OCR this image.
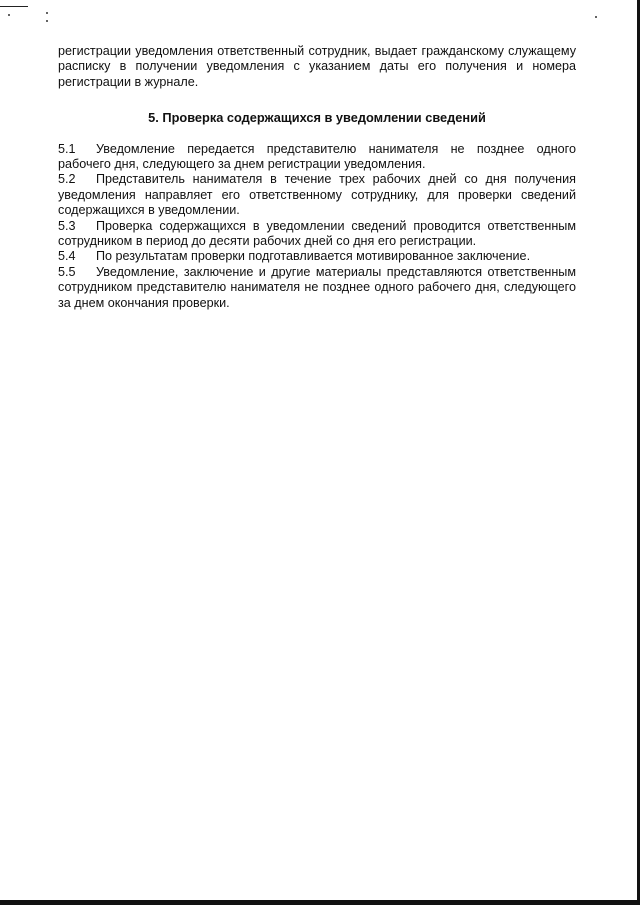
регистрации уведомления ответственный сотрудник, выдает гражданскому служащему расписку в получении уведомления с указанием даты его получения и номера регистрации в журнале.

5. Проверка содержащихся в уведомлении сведений

5.1 Уведомление передается представителю нанимателя не позднее одного рабочего дня, следующего за днем регистрации уведомления.

5.2 Представитель нанимателя в течение трех рабочих дней со дня получения уведомления направляет его ответственному сотруднику, для проверки сведений содержащихся в уведомлении.

5.3 Проверка содержащихся в уведомлении сведений проводится ответственным сотрудником в период до десяти рабочих дней со дня его регистрации.

5.4 По результатам проверки подготавливается мотивированное заключение.

5.5 Уведомление, заключение и другие материалы представляются ответственным сотрудником представителю нанимателя не позднее одного рабочего дня, следующего за днем окончания проверки.
